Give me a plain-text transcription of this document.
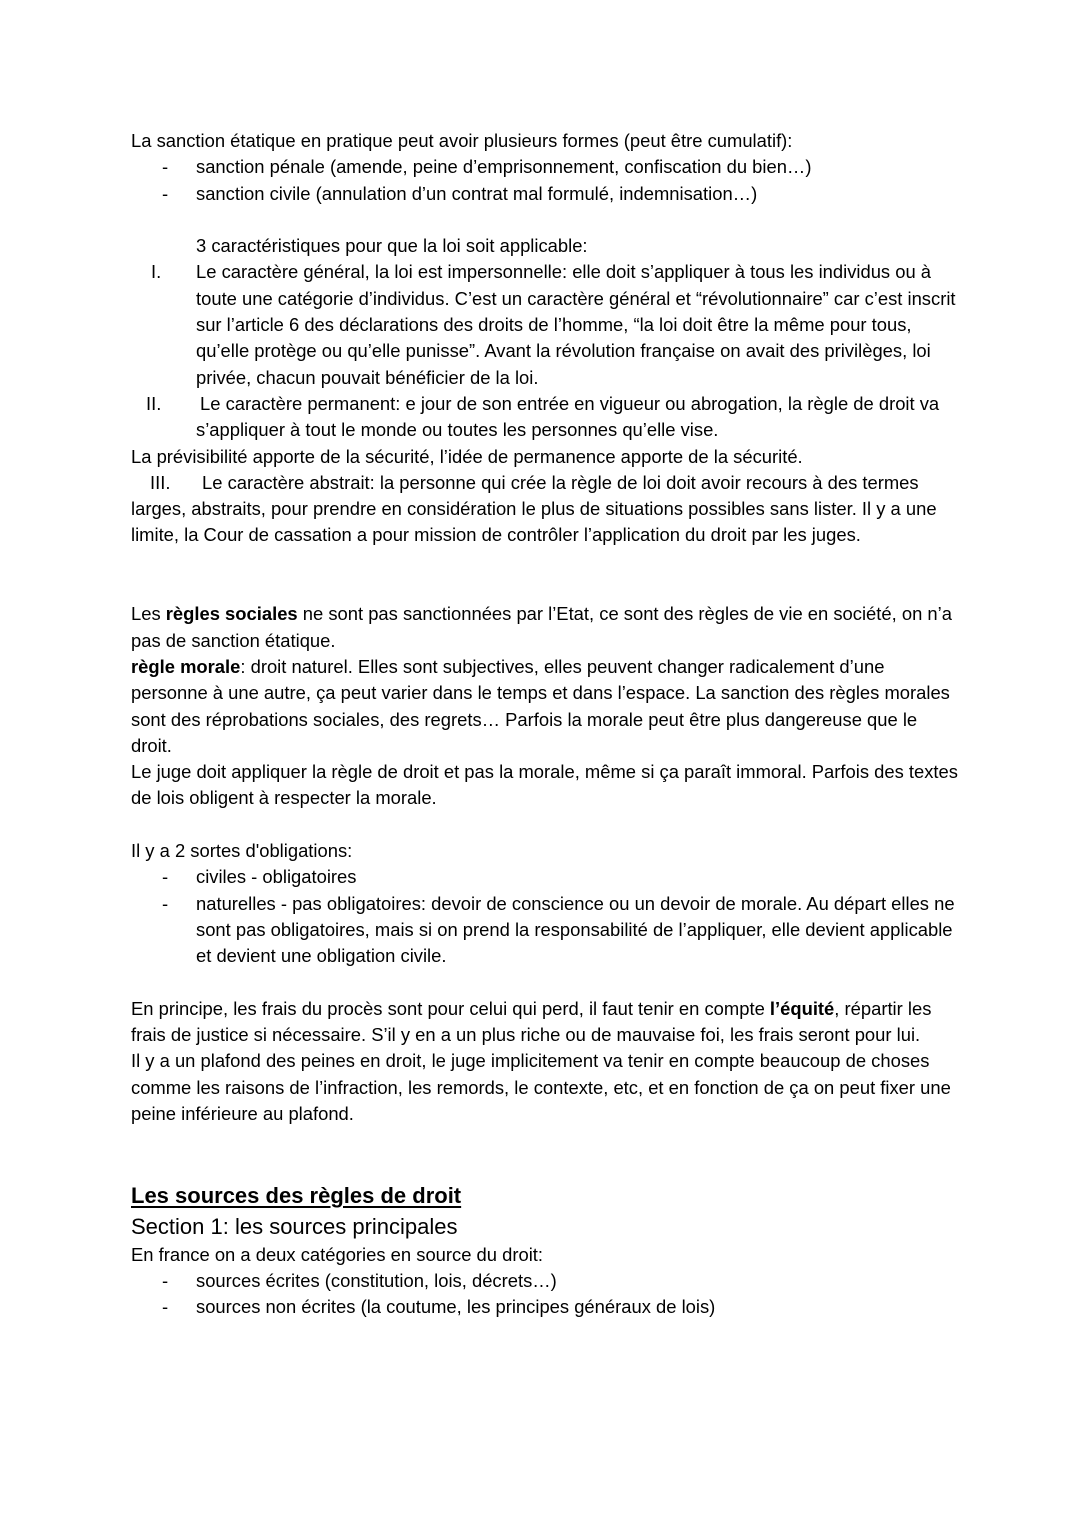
La sanction étatique en pratique peut avoir plusieurs formes (peut être cumulatif):

- sanction pénale (amende, peine d’emprisonnement, confiscation du bien…)
- sanction civile (annulation d’un contrat mal formulé, indemnisation…)

3 caractéristiques pour que la loi soit applicable:

I. Le caractère général, la loi est impersonnelle: elle doit s’appliquer à tous les individus ou à toute une catégorie d’individus. C’est un caractère général et “révolutionnaire” car c’est inscrit sur l’article 6 des déclarations des droits de l’homme, “la loi doit être la même pour tous, qu’elle protège ou qu’elle punisse”. Avant la révolution française on avait des privilèges, loi privée, chacun pouvait bénéficier de la loi.
II. Le caractère permanent: e jour de son entrée en vigueur ou abrogation, la règle de droit va s’appliquer à tout le monde ou toutes les personnes qu’elle vise.

La prévisibilité apporte de la sécurité, l’idée de permanence apporte de la sécurité.

III. Le caractère abstrait: la personne qui crée la règle de loi doit avoir recours à des termes larges, abstraits, pour prendre en considération le plus de situations possibles sans lister. Il y a une limite, la Cour de cassation a pour mission de contrôler l’application du droit par les juges.

Les règles sociales ne sont pas sanctionnées par l’Etat, ce sont des règles de vie en société, on n’a pas de sanction étatique.

règle morale: droit naturel. Elles sont subjectives, elles peuvent changer radicalement d’une personne à une autre, ça peut varier dans le temps et dans l’espace. La sanction des règles morales sont des réprobations sociales, des regrets… Parfois la morale peut être plus dangereuse que le droit.

Le juge doit appliquer la règle de droit et pas la morale, même si ça paraît immoral. Parfois des textes de lois obligent à respecter la morale.

Il y a 2 sortes d'obligations:

- civiles - obligatoires
- naturelles - pas obligatoires: devoir de conscience ou un devoir de morale. Au départ elles ne sont pas obligatoires, mais si on prend la responsabilité de l’appliquer, elle devient applicable et devient une obligation civile.

En principe, les frais du procès sont pour celui qui perd, il faut tenir en compte l’équité, répartir les frais de justice si nécessaire. S’il y en a un plus riche ou de mauvaise foi, les frais seront pour lui.

Il y a un plafond des peines en droit, le juge implicitement va tenir en compte beaucoup de choses comme les raisons de l’infraction, les remords, le contexte, etc, et en fonction de ça on peut fixer une peine inférieure au plafond.

Les sources des règles de droit

Section 1: les sources principales

En france on a deux catégories en source du droit:

- sources écrites (constitution, lois, décrets…)
- sources non écrites (la coutume, les principes généraux de lois)
